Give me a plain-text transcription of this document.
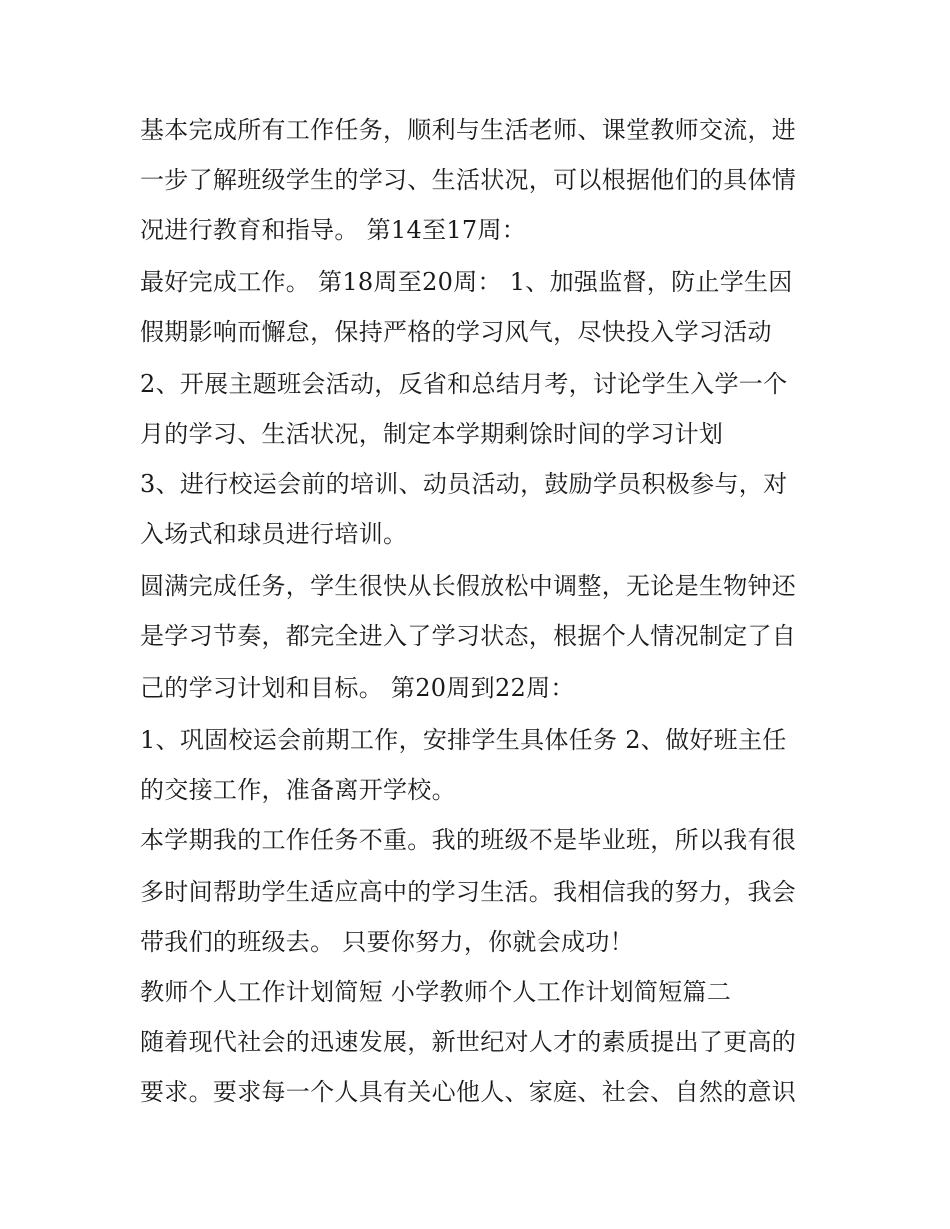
基本完成所有工作任务，顺利与生活老师、课堂教师交流，进
一步了解班级学生的学习、生活状况，可以根据他们的具体情
况进行教育和指导。 第14至17周：
最好完成工作。 第18周至20周： 1、加强监督，防止学生因
假期影响而懈怠，保持严格的学习风气，尽快投入学习活动
2、开展主题班会活动，反省和总结月考，讨论学生入学一个
月的学习、生活状况，制定本学期剩馀时间的学习计划
3、进行校运会前的培训、动员活动，鼓励学员积极参与，对
入场式和球员进行培训。
圆满完成任务，学生很快从长假放松中调整，无论是生物钟还
是学习节奏，都完全进入了学习状态，根据个人情况制定了自
己的学习计划和目标。 第20周到22周：
1、巩固校运会前期工作，安排学生具体任务 2、做好班主任
的交接工作，准备离开学校。
本学期我的工作任务不重。我的班级不是毕业班，所以我有很
多时间帮助学生适应高中的学习生活。我相信我的努力，我会
带我们的班级去。 只要你努力，你就会成功！
教师个人工作计划简短 小学教师个人工作计划简短篇二
随着现代社会的迅速发展，新世纪对人才的素质提出了更高的
要求。要求每一个人具有关心他人、家庭、社会、自然的意识
